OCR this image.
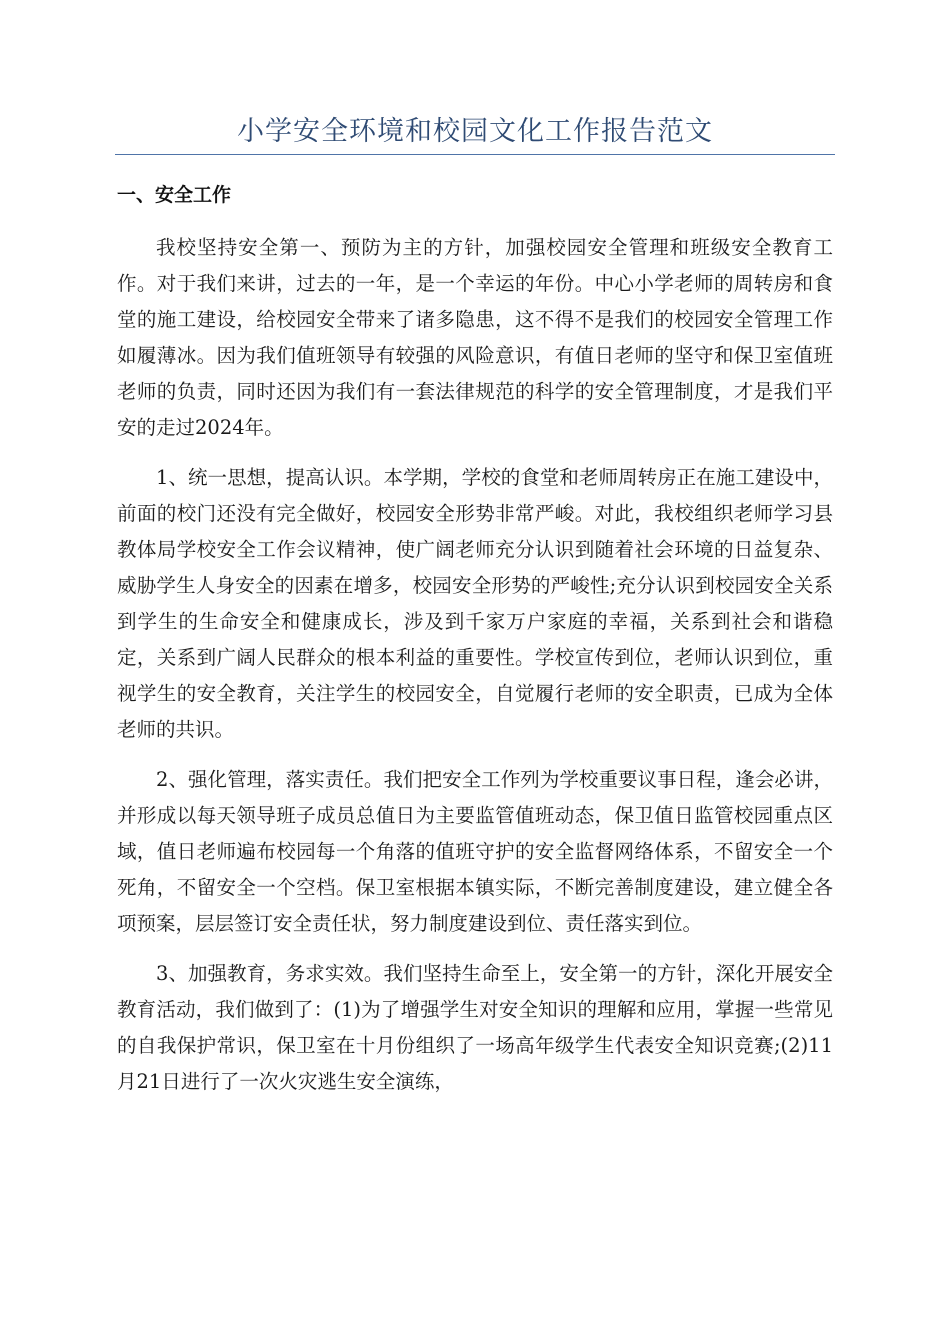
小学安全环境和校园文化工作报告范文
一、安全工作

我校坚持安全第一、预防为主的方针，加强校园安全管理和班级安全教育工作。对于我们来讲，过去的一年，是一个幸运的年份。中心小学老师的周转房和食堂的施工建设，给校园安全带来了诸多隐患，这不得不是我们的校园安全管理工作如履薄冰。因为我们值班领导有较强的风险意识，有值日老师的坚守和保卫室值班老师的负责，同时还因为我们有一套法律规范的科学的安全管理制度，才是我们平安的走过2024年。

1、统一思想，提高认识。本学期，学校的食堂和老师周转房正在施工建设中，前面的校门还没有完全做好，校园安全形势非常严峻。对此，我校组织老师学习县教体局学校安全工作会议精神，使广阔老师充分认识到随着社会环境的日益复杂、威胁学生人身安全的因素在增多，校园安全形势的严峻性;充分认识到校园安全关系到学生的生命安全和健康成长，涉及到千家万户家庭的幸福，关系到社会和谐稳定，关系到广阔人民群众的根本利益的重要性。学校宣传到位，老师认识到位，重视学生的安全教育，关注学生的校园安全，自觉履行老师的安全职责，已成为全体老师的共识。

2、强化管理，落实责任。我们把安全工作列为学校重要议事日程，逢会必讲，并形成以每天领导班子成员总值日为主要监管值班动态，保卫值日监管校园重点区域，值日老师遍布校园每一个角落的值班守护的安全监督网络体系，不留安全一个死角，不留安全一个空档。保卫室根据本镇实际，不断完善制度建设，建立健全各项预案，层层签订安全责任状，努力制度建设到位、责任落实到位。

3、加强教育，务求实效。我们坚持生命至上，安全第一的方针，深化开展安全教育活动，我们做到了：(1)为了增强学生对安全知识的理解和应用，掌握一些常见的自我保护常识，保卫室在十月份组织了一场高年级学生代表安全知识竞赛;(2)11月21日进行了一次火灾逃生安全演练，
